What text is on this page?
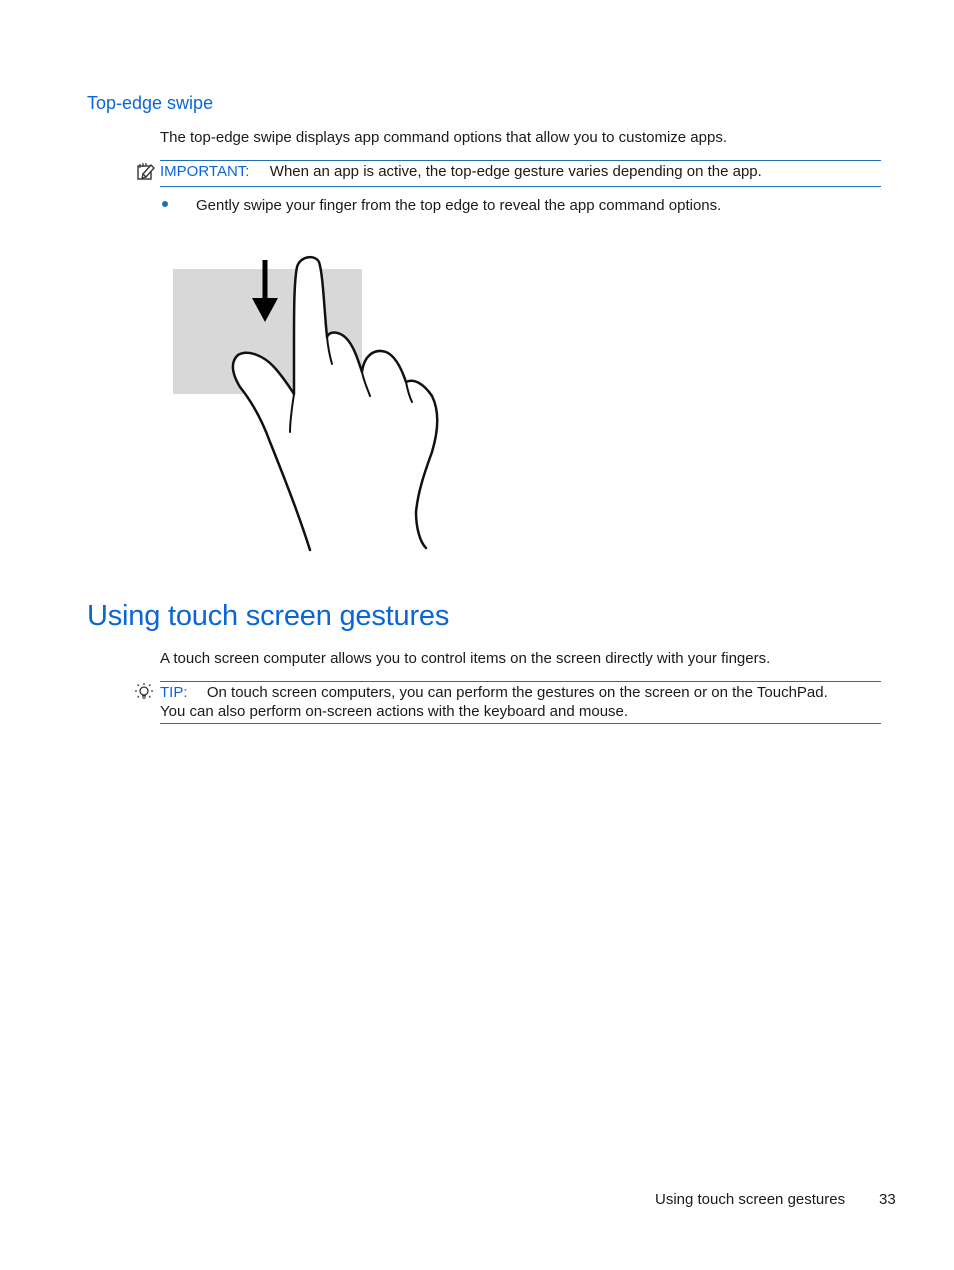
Top-edge swipe
The top-edge swipe displays app command options that allow you to customize apps.
IMPORTANT: When an app is active, the top-edge gesture varies depending on the app.
Gently swipe your finger from the top edge to reveal the app command options.
Using touch screen gestures
A touch screen computer allows you to control items on the screen directly with your fingers.
TIP: On touch screen computers, you can perform the gestures on the screen or on the TouchPad.
You can also perform on-screen actions with the keyboard and mouse.
Using touch screen gestures 33
